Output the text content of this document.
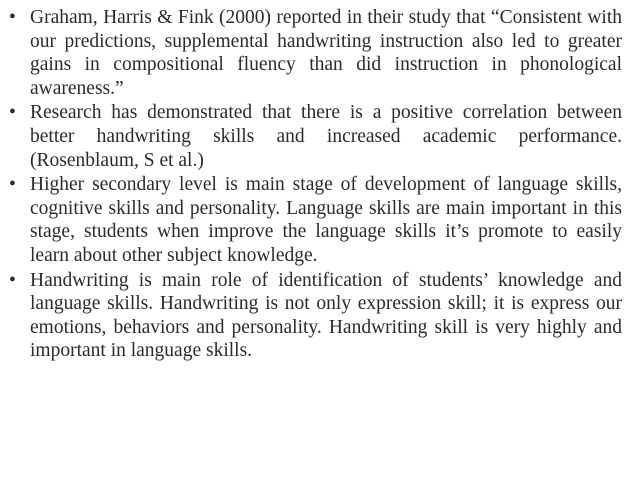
• Graham, Harris & Fink (2000) reported in their study that “Consistent with our predictions, supplemental handwriting instruction also led to greater gains in compositional fluency than did instruction in phonological awareness.”
• Research has demonstrated that there is a positive correlation between better handwriting skills and increased academic performance. (Rosenblaum, S et al.)
• Higher secondary level is main stage of development of language skills, cognitive skills and personality. Language skills are main important in this stage, students when improve the language skills it’s promote to easily learn about other subject knowledge.
• Handwriting is main role of identification of students’ knowledge and language skills. Handwriting is not only expression skill; it is express our emotions, behaviors and personality. Handwriting skill is very highly and important in language skills.
